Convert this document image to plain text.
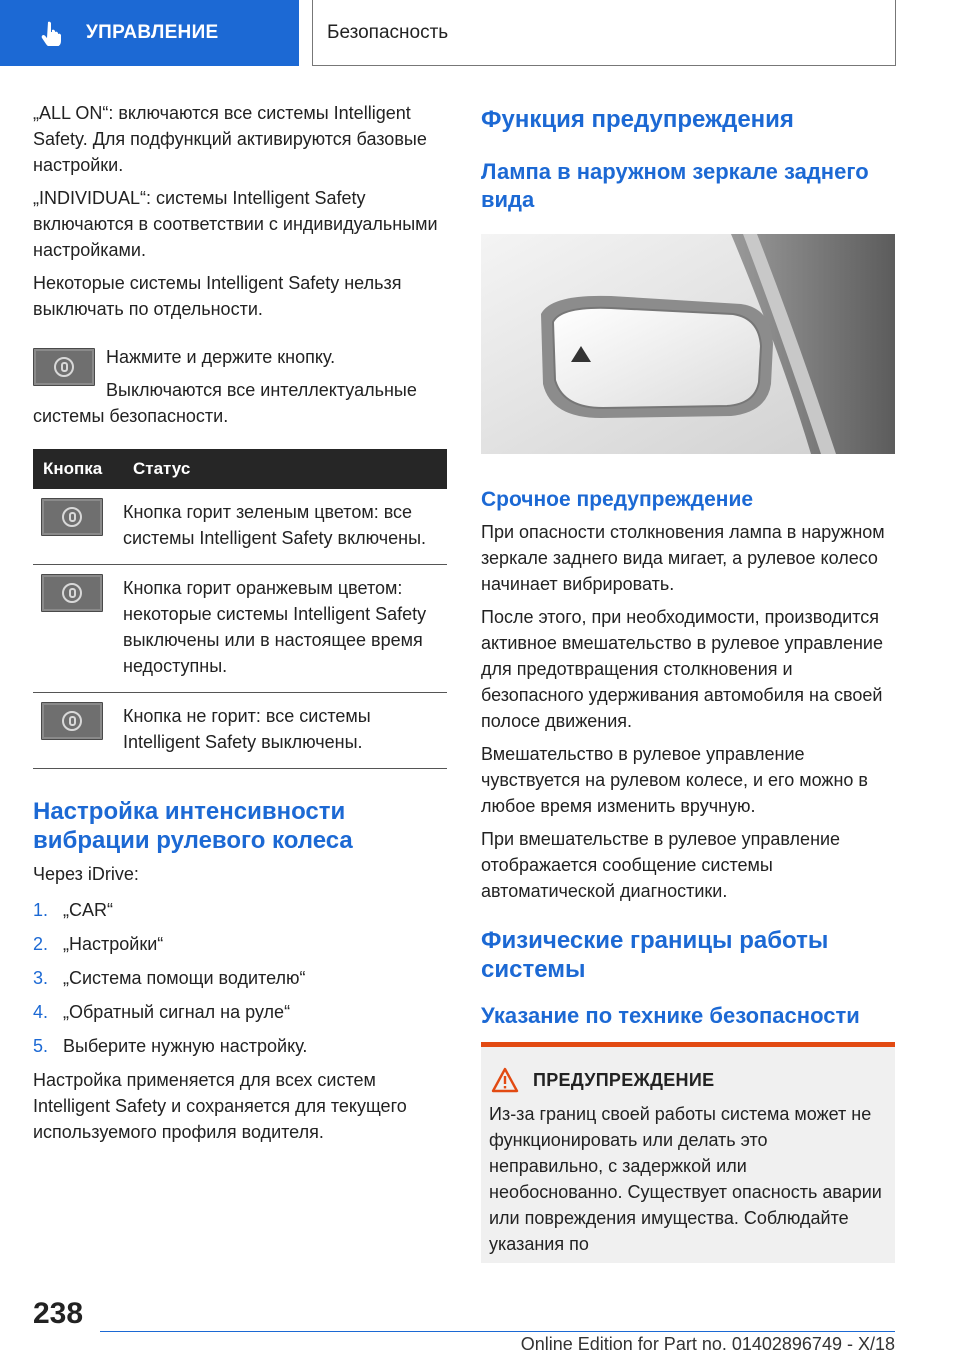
УПРАВЛЕНИЕ	Безопасность

„ALL ON“: включаются все системы Intelligent Safety. Для подфункций активируются базовые настройки.

„INDIVIDUAL“: системы Intelligent Safety включаются в соответствии с индивидуальными настройками.

Некоторые системы Intelligent Safety нельзя выключать по отдельности.

Нажмите и держите кнопку.

Выключаются все интеллектуальные

системы безопасности.

Кнопка	Статус

	Кнопка горит зеленым цветом: все системы Intelligent Safety включены.

	Кнопка горит оранжевым цветом: некоторые системы Intelligent Safety выключены или в настоящее время недоступны.

	Кнопка не горит: все системы Intelligent Safety выключены.
Настройка интенсивности вибрации рулевого колеса

Через iDrive:

1. „CAR“
2. „Настройки“
3. „Система помощи водителю“
4. „Обратный сигнал на руле“
5. Выберите нужную настройку.

Настройка применяется для всех систем Intelligent Safety и сохраняется для текущего используемого профиля водителя.

Функция предупреждения
Лампа в наружном зеркале заднего вида
Срочное предупреждение

При опасности столкновения лампа в наружном зеркале заднего вида мигает, а рулевое колесо начинает вибрировать.

После этого, при необходимости, производится активное вмешательство в рулевое управление для предотвращения столкновения и безопасного удерживания автомобиля на своей полосе движения.

Вмешательство в рулевое управление чувствуется на рулевом колесе, и его можно в любое время изменить вручную.

При вмешательстве в рулевое управление отображается сообщение системы автоматической диагностики.

Физические границы работы системы
Указание по технике безопасности
ПРЕДУПРЕЖДЕНИЕ

Из-за границ своей работы система может не функционировать или делать это неправильно, с задержкой или необоснованно. Существует опасность аварии или повреждения имущества. Соблюдайте указания по

238
Online Edition for Part no. 01402896749 - X/18
